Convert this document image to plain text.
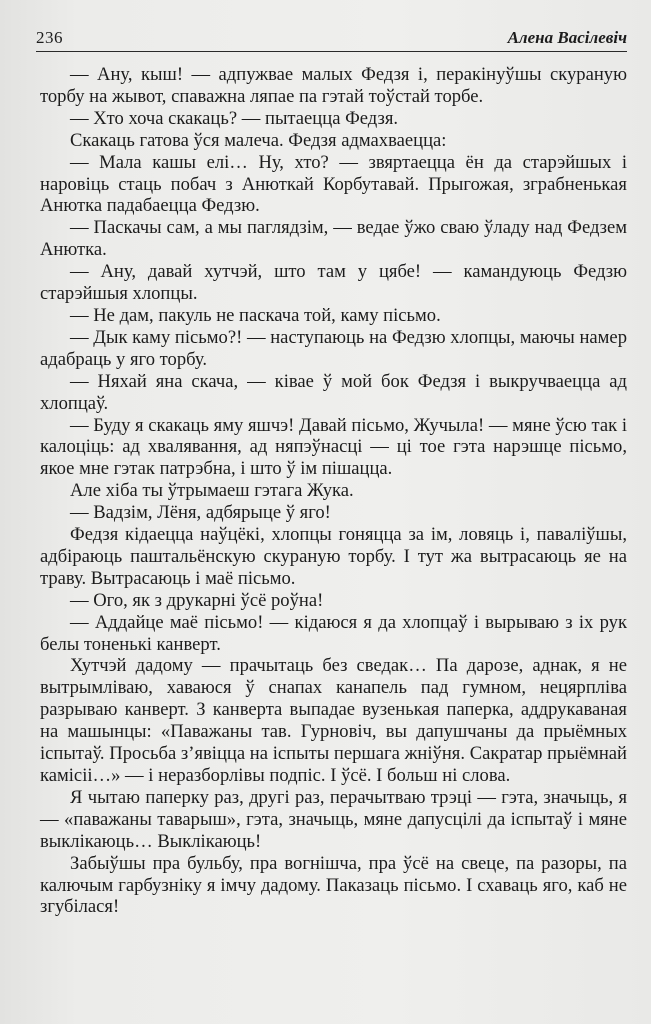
236	Алена Васілевіч

— Ану, кыш! — адпужвае малых Федзя і, перакінуўшы скураную торбу на жывот, спаважна ляпае па гэтай тоўстай торбе.

— Хто хоча скакаць? — пытаецца Федзя.

Скакаць гатова ўся малеча. Федзя адмахваецца:

— Мала кашы елі… Ну, хто? — звяртаецца ён да старэйшых і наровіць стаць побач з Анюткай Корбутавай. Прыгожая, зграбненькая Анютка падабаецца Федзю.

— Паскачы сам, а мы паглядзім, — ведае ўжо сваю ўладу над Федзем Анютка.

— Ану, давай хутчэй, што там у цябе! — камандуюць Федзю старэйшыя хлопцы.

— Не дам, пакуль не паскача той, каму пісьмо.

— Дык каму пісьмо?! — наступаюць на Федзю хлопцы, маючы намер адабраць у яго торбу.

— Няхай яна скача, — ківае ў мой бок Федзя і выкручваецца ад хлопцаў.

— Буду я скакаць яму яшчэ! Давай пісьмо, Жучыла! — мяне ўсю так і калоціць: ад хвалявання, ад няпэўнасці — ці тое гэта нарэшце пісьмо, якое мне гэтак патрэбна, і што ў ім пішацца.

Але хіба ты ўтрымаеш гэтага Жука.

— Вадзім, Лёня, адбярыце ў яго!

Федзя кідаецца наўцёкі, хлопцы гоняцца за ім, ловяць і, паваліўшы, адбіраюць паштальёнскую скураную торбу. І тут жа вытрасаюць яе на траву. Вытрасаюць і маё пісьмо.

— Ого, як з друкарні ўсё роўна!

— Аддайце маё пісьмо! — кідаюся я да хлопцаў і вырываю з іх рук белы тоненькі канверт.

Хутчэй дадому — прачытаць без сведак… Па дарозе, аднак, я не вытрымліваю, хаваюся ў снапах канапель пад гумном, нецярпліва разрываю канверт. З канверта выпадае вузенькая паперка, аддрукаваная на машынцы: «Паважаны тав. Гурновіч, вы дапушчаны да прыёмных іспытаў. Просьба з’явіцца на іспыты першага жніўня. Сакратар прыёмнай камісіі…» — і неразборлівы подпіс. І ўсё. І больш ні слова.

Я чытаю паперку раз, другі раз, перачытваю трэці — гэта, значыць, я — «паважаны таварыш», гэта, значыць, мяне дапусцілі да іспытаў і мяне выклікаюць… Выклікаюць!

Забыўшы пра бульбу, пра вогнішча, пра ўсё на свеце, па разоры, па калючым гарбузніку я імчу дадому. Паказаць пісьмо. І схаваць яго, каб не згубілася!
